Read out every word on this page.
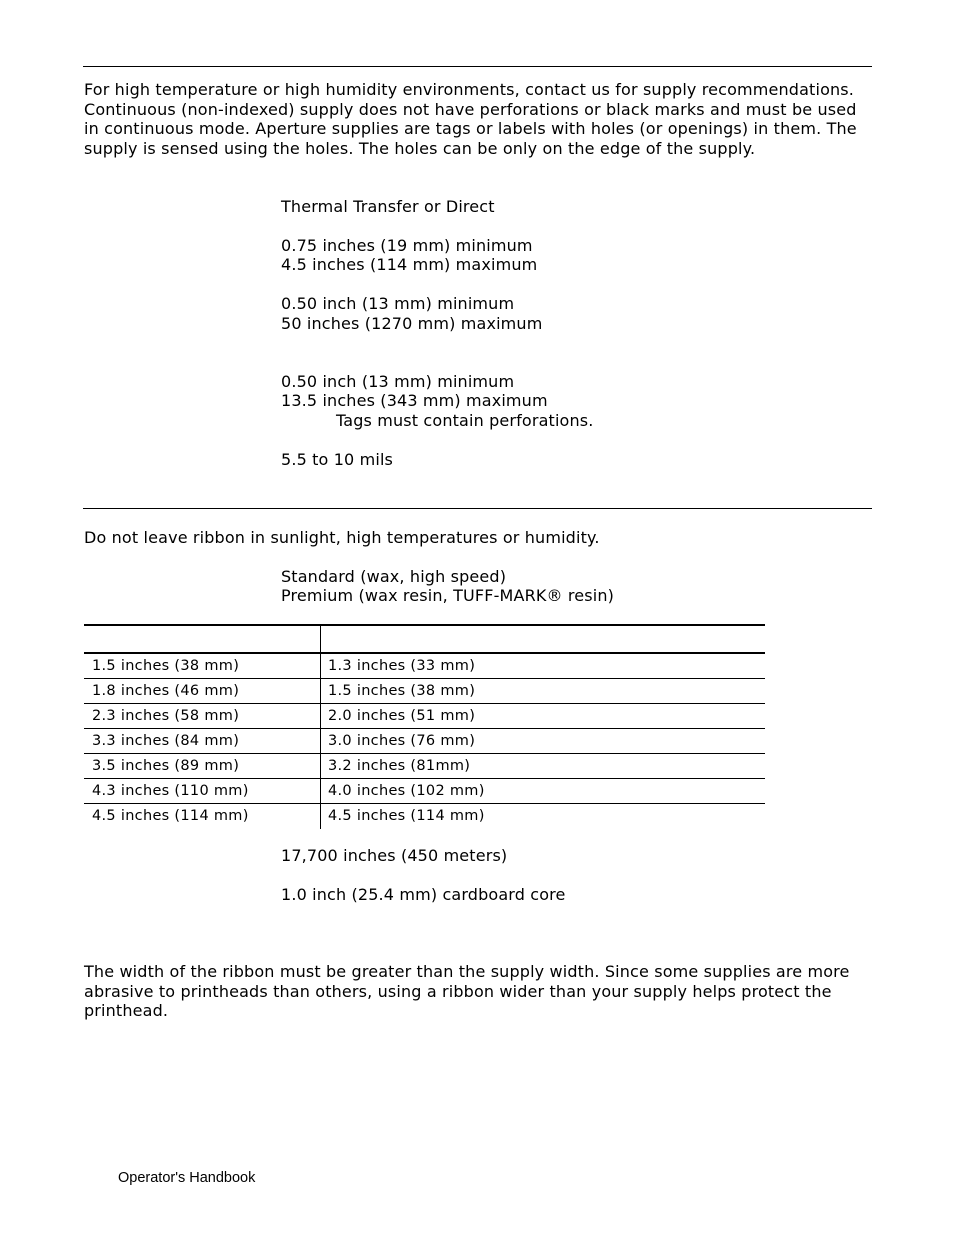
For high temperature or high humidity environments, contact us for supply recommendations. Continuous (non-indexed) supply does not have perforations or black marks and must be used in continuous mode. Aperture supplies are tags or labels with holes (or openings) in them. The supply is sensed using the holes. The holes can be only on the edge of the supply.

Thermal Transfer or Direct

0.75 inches (19 mm) minimum

4.5 inches (114 mm) maximum

0.50 inch (13 mm) minimum

50 inches (1270 mm) maximum

0.50 inch (13 mm) minimum

13.5 inches (343 mm) maximum

Tags must contain perforations.

5.5 to 10 mils

Do not leave ribbon in sunlight, high temperatures or humidity.

Standard (wax, high speed)

Premium (wax resin, TUFF-MARK® resin)

1.5 inches (38 mm)	1.3 inches (33 mm)
1.8 inches (46 mm)	1.5 inches (38 mm)
2.3 inches (58 mm)	2.0 inches (51 mm)
3.3 inches (84 mm)	3.0 inches (76 mm)
3.5 inches (89 mm)	3.2 inches (81mm)
4.3 inches (110 mm)	4.0 inches (102 mm)
4.5 inches (114 mm)	4.5 inches (114 mm)

17,700 inches (450 meters)

1.0 inch (25.4 mm) cardboard core

The width of the ribbon must be greater than the supply width. Since some supplies are more abrasive to printheads than others, using a ribbon wider than your supply helps protect the printhead.

Operator's Handbook
